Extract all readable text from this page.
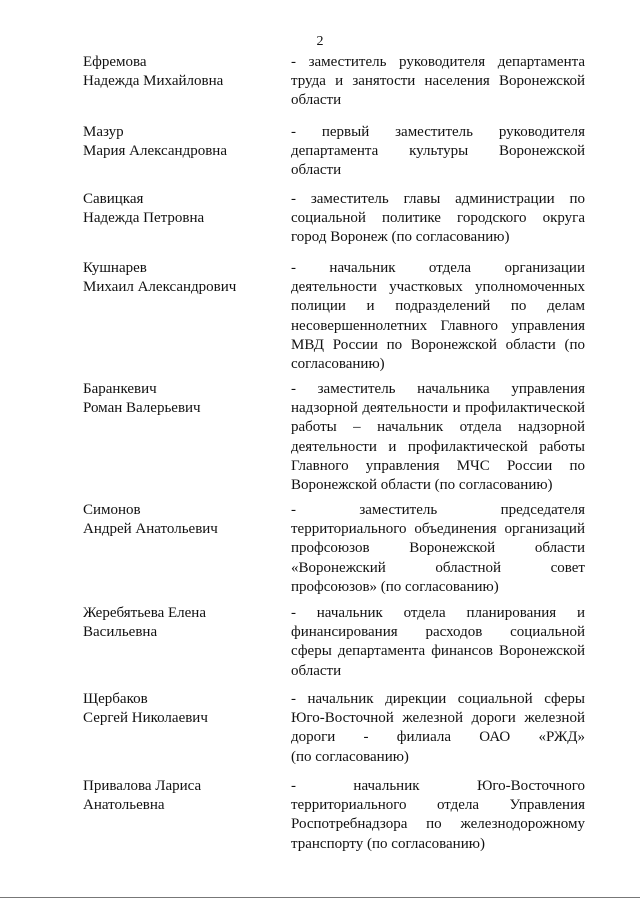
2
Ефремова
Надежда Михайловна
- заместитель руководителя департамента
труда и занятости населения Воронежской
области
Мазур
Мария Александровна
- первый заместитель руководителя
департамента культуры Воронежской
области
Савицкая
Надежда Петровна
- заместитель главы администрации по
социальной политике городского округа
город Воронеж (по согласованию)
Кушнарев
Михаил Александрович
- начальник отдела организации
деятельности участковых уполномоченных
полиции и подразделений по делам
несовершеннолетних Главного управления
МВД России по Воронежской области (по
согласованию)
Баранкевич
Роман Валерьевич
- заместитель начальника управления
надзорной деятельности и профилактической
работы – начальник отдела надзорной
деятельности и профилактической работы
Главного управления МЧС России по
Воронежской области (по согласованию)
Симонов
Андрей Анатольевич
- заместитель председателя
территориального объединения организаций
профсоюзов Воронежской области
«Воронежский областной совет
профсоюзов» (по согласованию)
Жеребятьева Елена
Васильевна
- начальник отдела планирования и
финансирования расходов социальной
сферы департамента финансов Воронежской
области
Щербаков
Сергей Николаевич
- начальник дирекции социальной сферы
Юго-Восточной железной дороги железной
дороги - филиала ОАО «РЖД»
(по согласованию)
Привалова Лариса
Анатольевна
- начальник Юго-Восточного
территориального отдела Управления
Роспотребнадзора по железнодорожному
транспорту (по согласованию)
